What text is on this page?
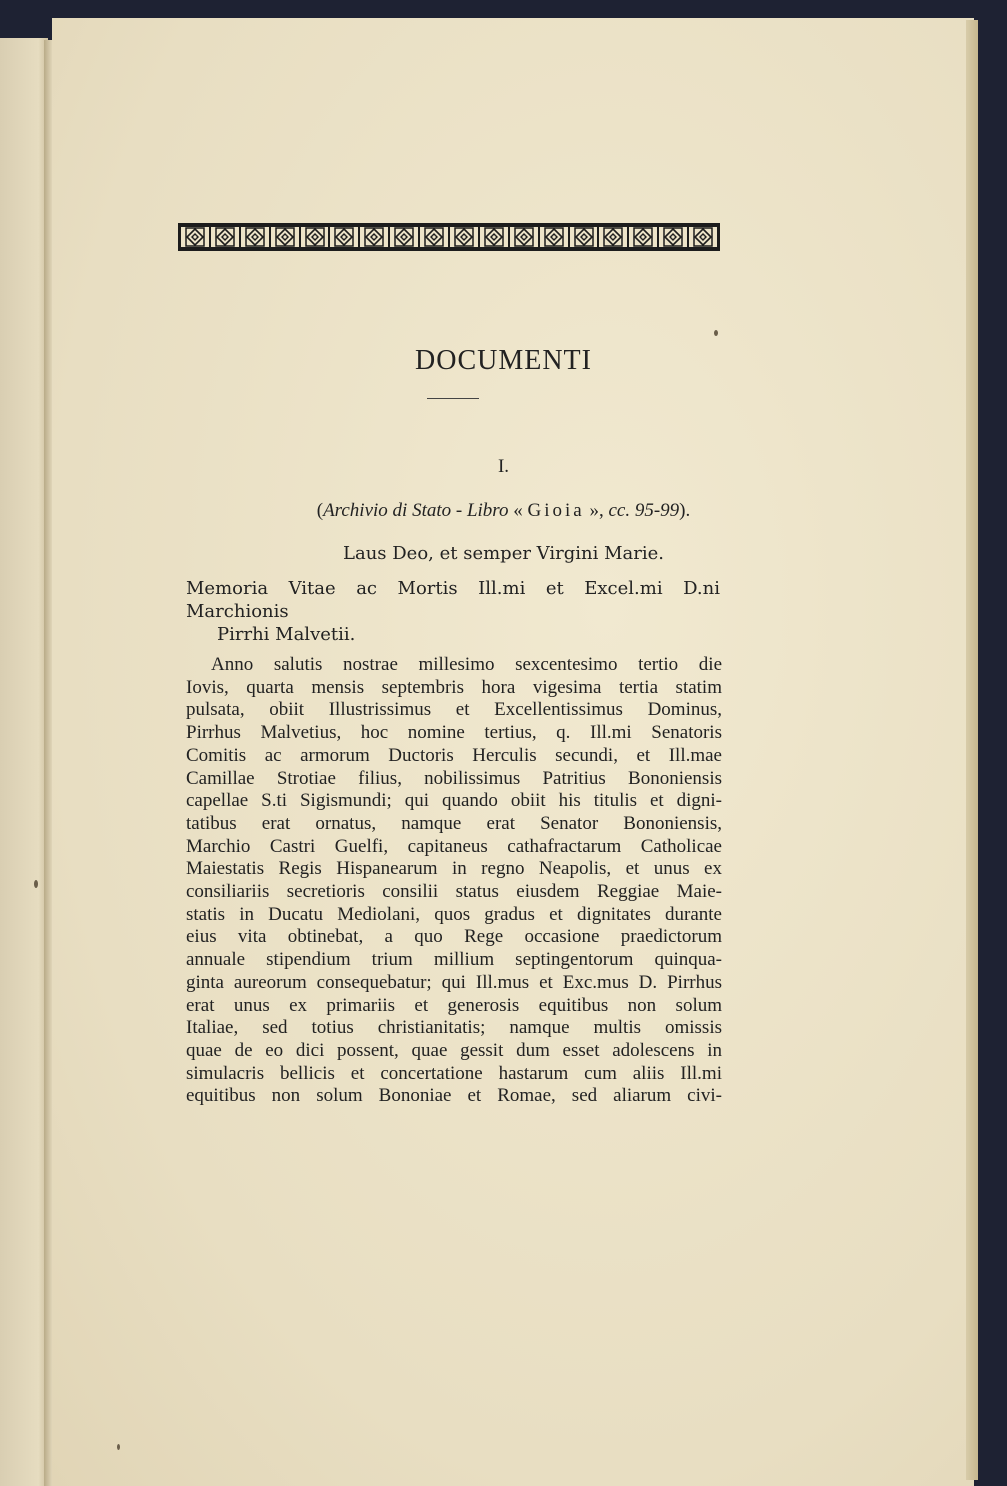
DOCUMENTI
I.
(Archivio di Stato - Libro « Gioia », cc. 95-99).
Laus Deo, et semper Virgini Marie.
Memoria Vitae ac Mortis Ill.mi et Excel.mi D.ni Marchionis
Pirrhi Malvetii.
Anno salutis nostrae millesimo sexcentesimo tertio die
Iovis, quarta mensis septembris hora vigesima tertia statim
pulsata, obiit Illustrissimus et Excellentissimus Dominus,
Pirrhus Malvetius, hoc nomine tertius, q. Ill.mi Senatoris
Comitis ac armorum Ductoris Herculis secundi, et Ill.mae
Camillae Strotiae filius, nobilissimus Patritius Bononiensis
capellae S.ti Sigismundi; qui quando obiit his titulis et digni-
tatibus erat ornatus, namque erat Senator Bononiensis,
Marchio Castri Guelfi, capitaneus cathafractarum Catholicae
Maiestatis Regis Hispanearum in regno Neapolis, et unus ex
consiliariis secretioris consilii status eiusdem Reggiae Maie-
statis in Ducatu Mediolani, quos gradus et dignitates durante
eius vita obtinebat, a quo Rege occasione praedictorum
annuale stipendium trium millium septingentorum quinqua-
ginta aureorum consequebatur; qui Ill.mus et Exc.mus D. Pirrhus
erat unus ex primariis et generosis equitibus non solum
Italiae, sed totius christianitatis; namque multis omissis
quae de eo dici possent, quae gessit dum esset adolescens in
simulacris bellicis et concertatione hastarum cum aliis Ill.mi
equitibus non solum Bononiae et Romae, sed aliarum civi-
